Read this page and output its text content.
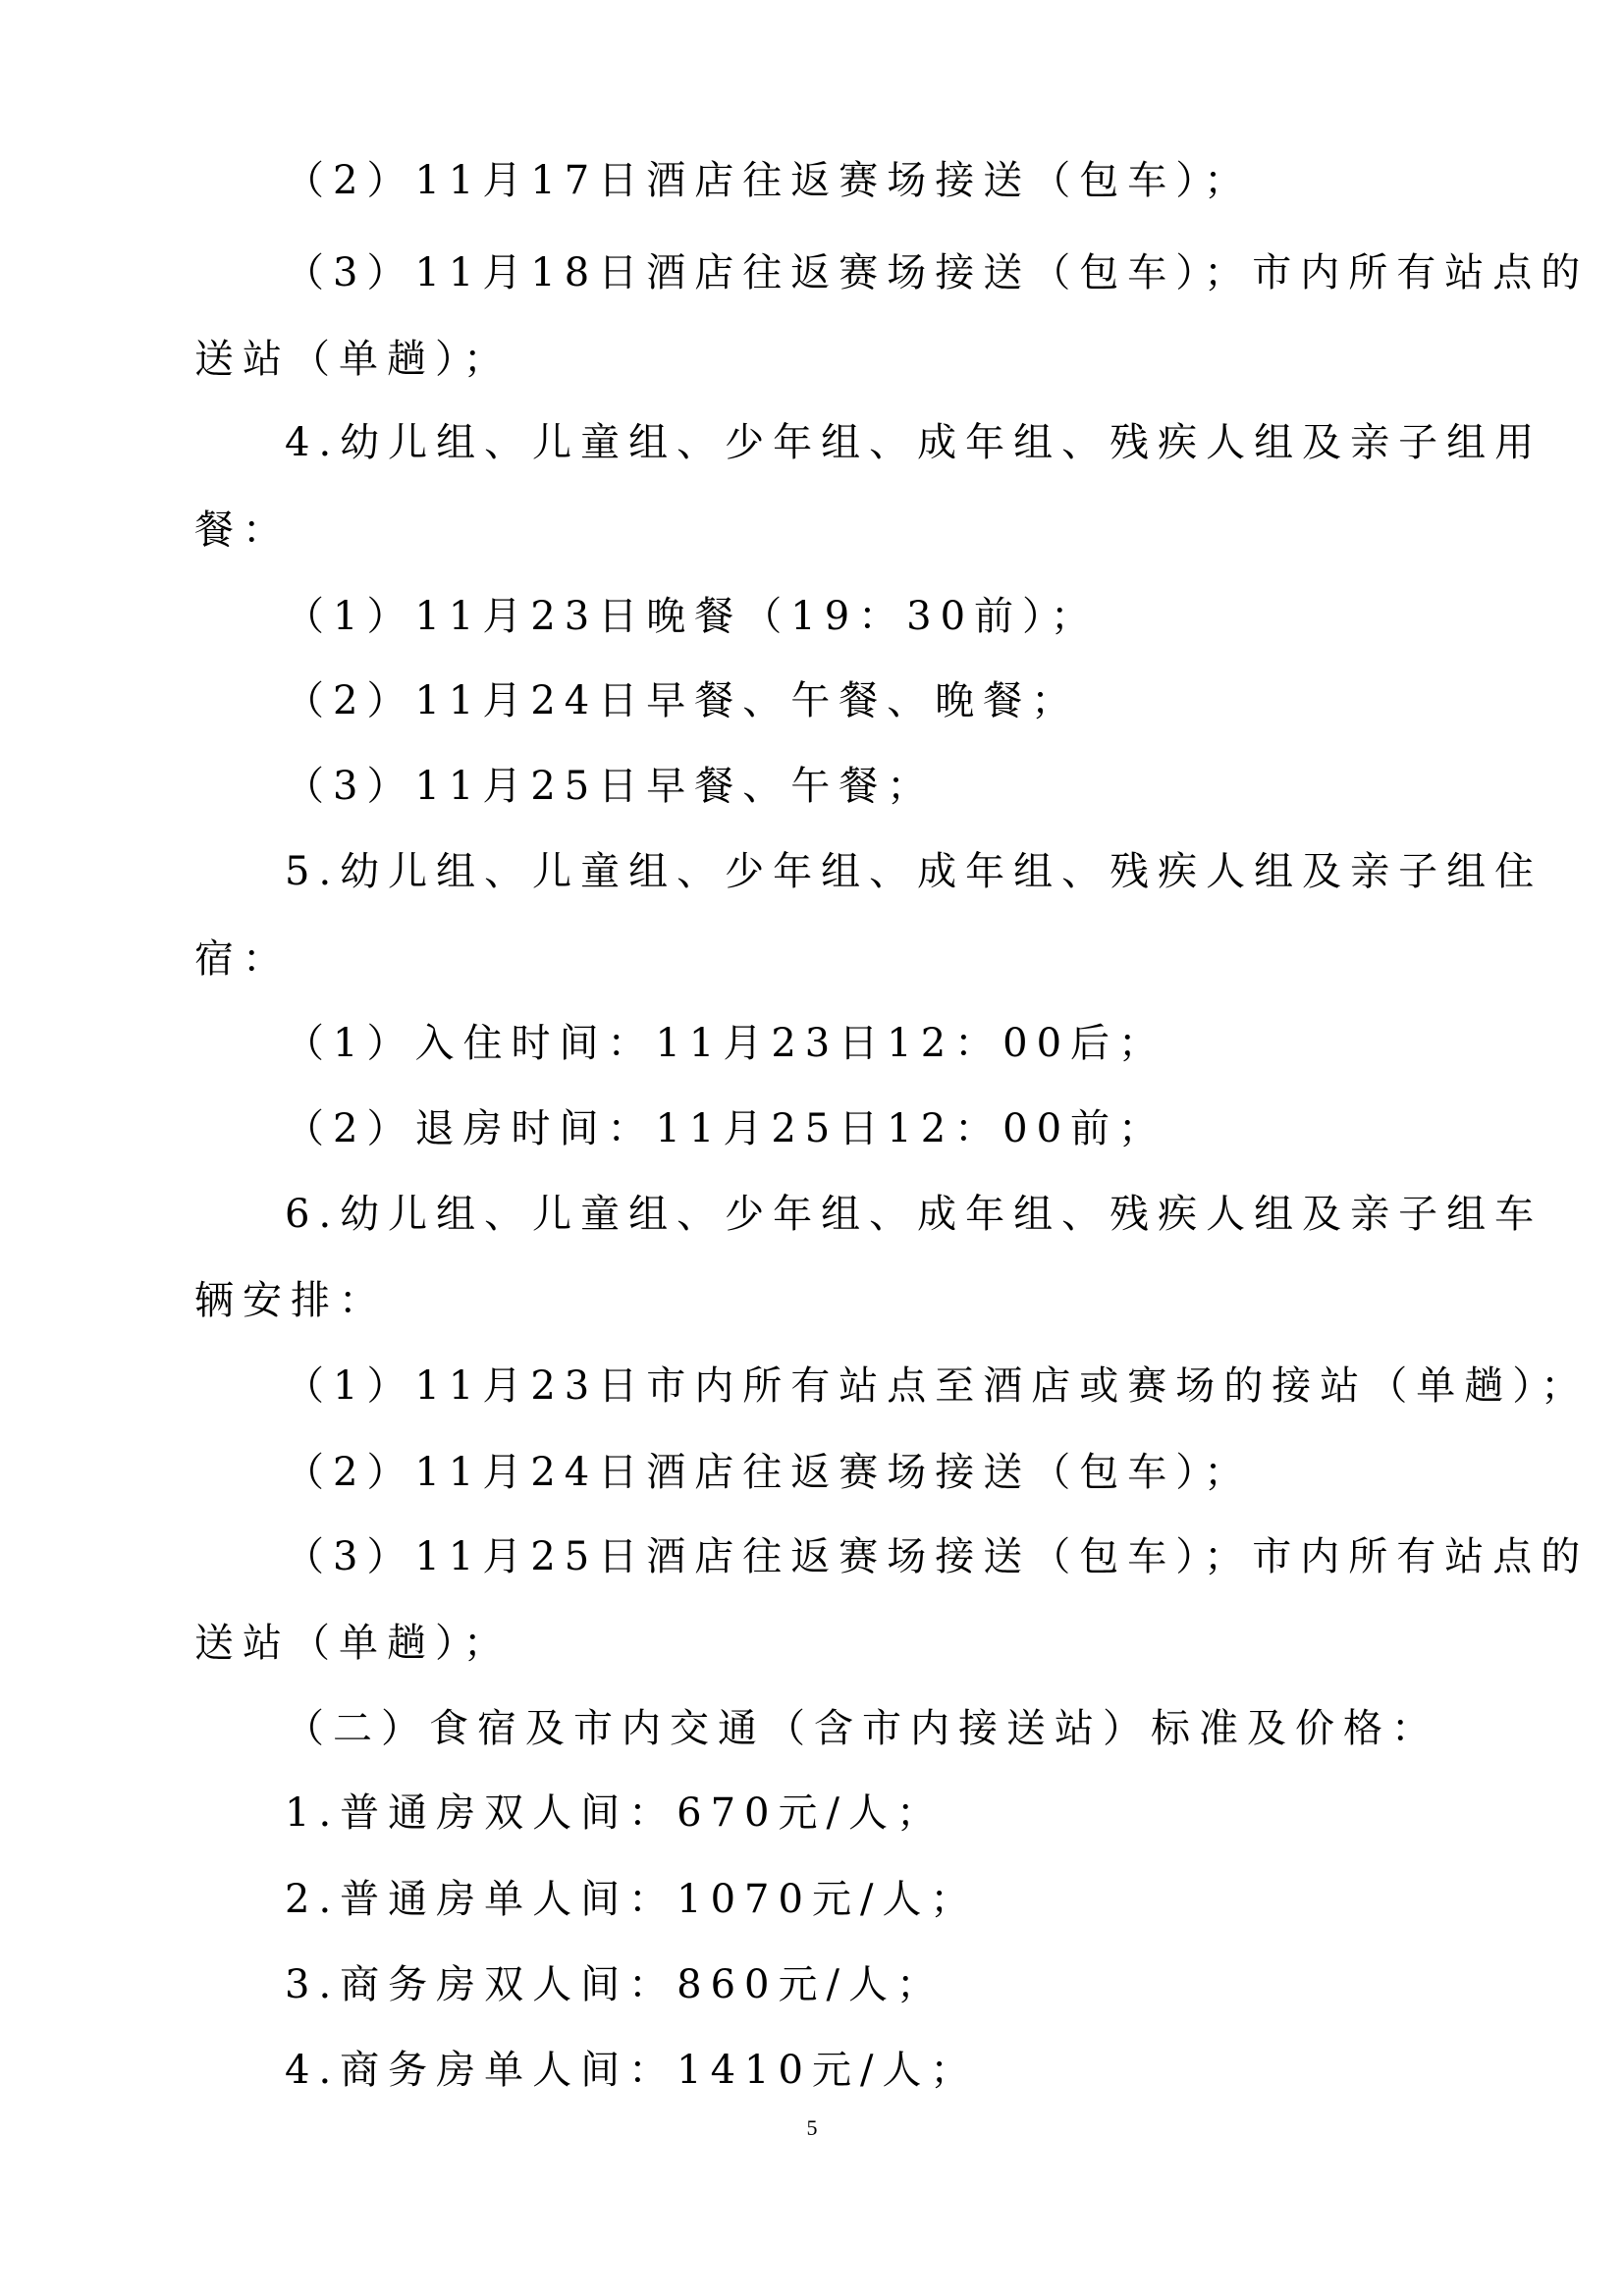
（2）11月17日酒店往返赛场接送（包车）；
（3）11月18日酒店往返赛场接送（包车）；市内所有站点的
送站（单趟）；
4.幼儿组、儿童组、少年组、成年组、残疾人组及亲子组用
餐：
（1）11月23日晚餐（19：30前）；
（2）11月24日早餐、午餐、晚餐；
（3）11月25日早餐、午餐；
5.幼儿组、儿童组、少年组、成年组、残疾人组及亲子组住
宿：
（1）入住时间：11月23日12：00后；
（2）退房时间：11月25日12：00前；
6.幼儿组、儿童组、少年组、成年组、残疾人组及亲子组车
辆安排：
（1）11月23日市内所有站点至酒店或赛场的接站（单趟）；
（2）11月24日酒店往返赛场接送（包车）；
（3）11月25日酒店往返赛场接送（包车）；市内所有站点的
送站（单趟）；
（二）食宿及市内交通（含市内接送站）标准及价格：
1.普通房双人间：670元/人；
2.普通房单人间：1070元/人；
3.商务房双人间：860元/人；
4.商务房单人间：1410元/人；
5
